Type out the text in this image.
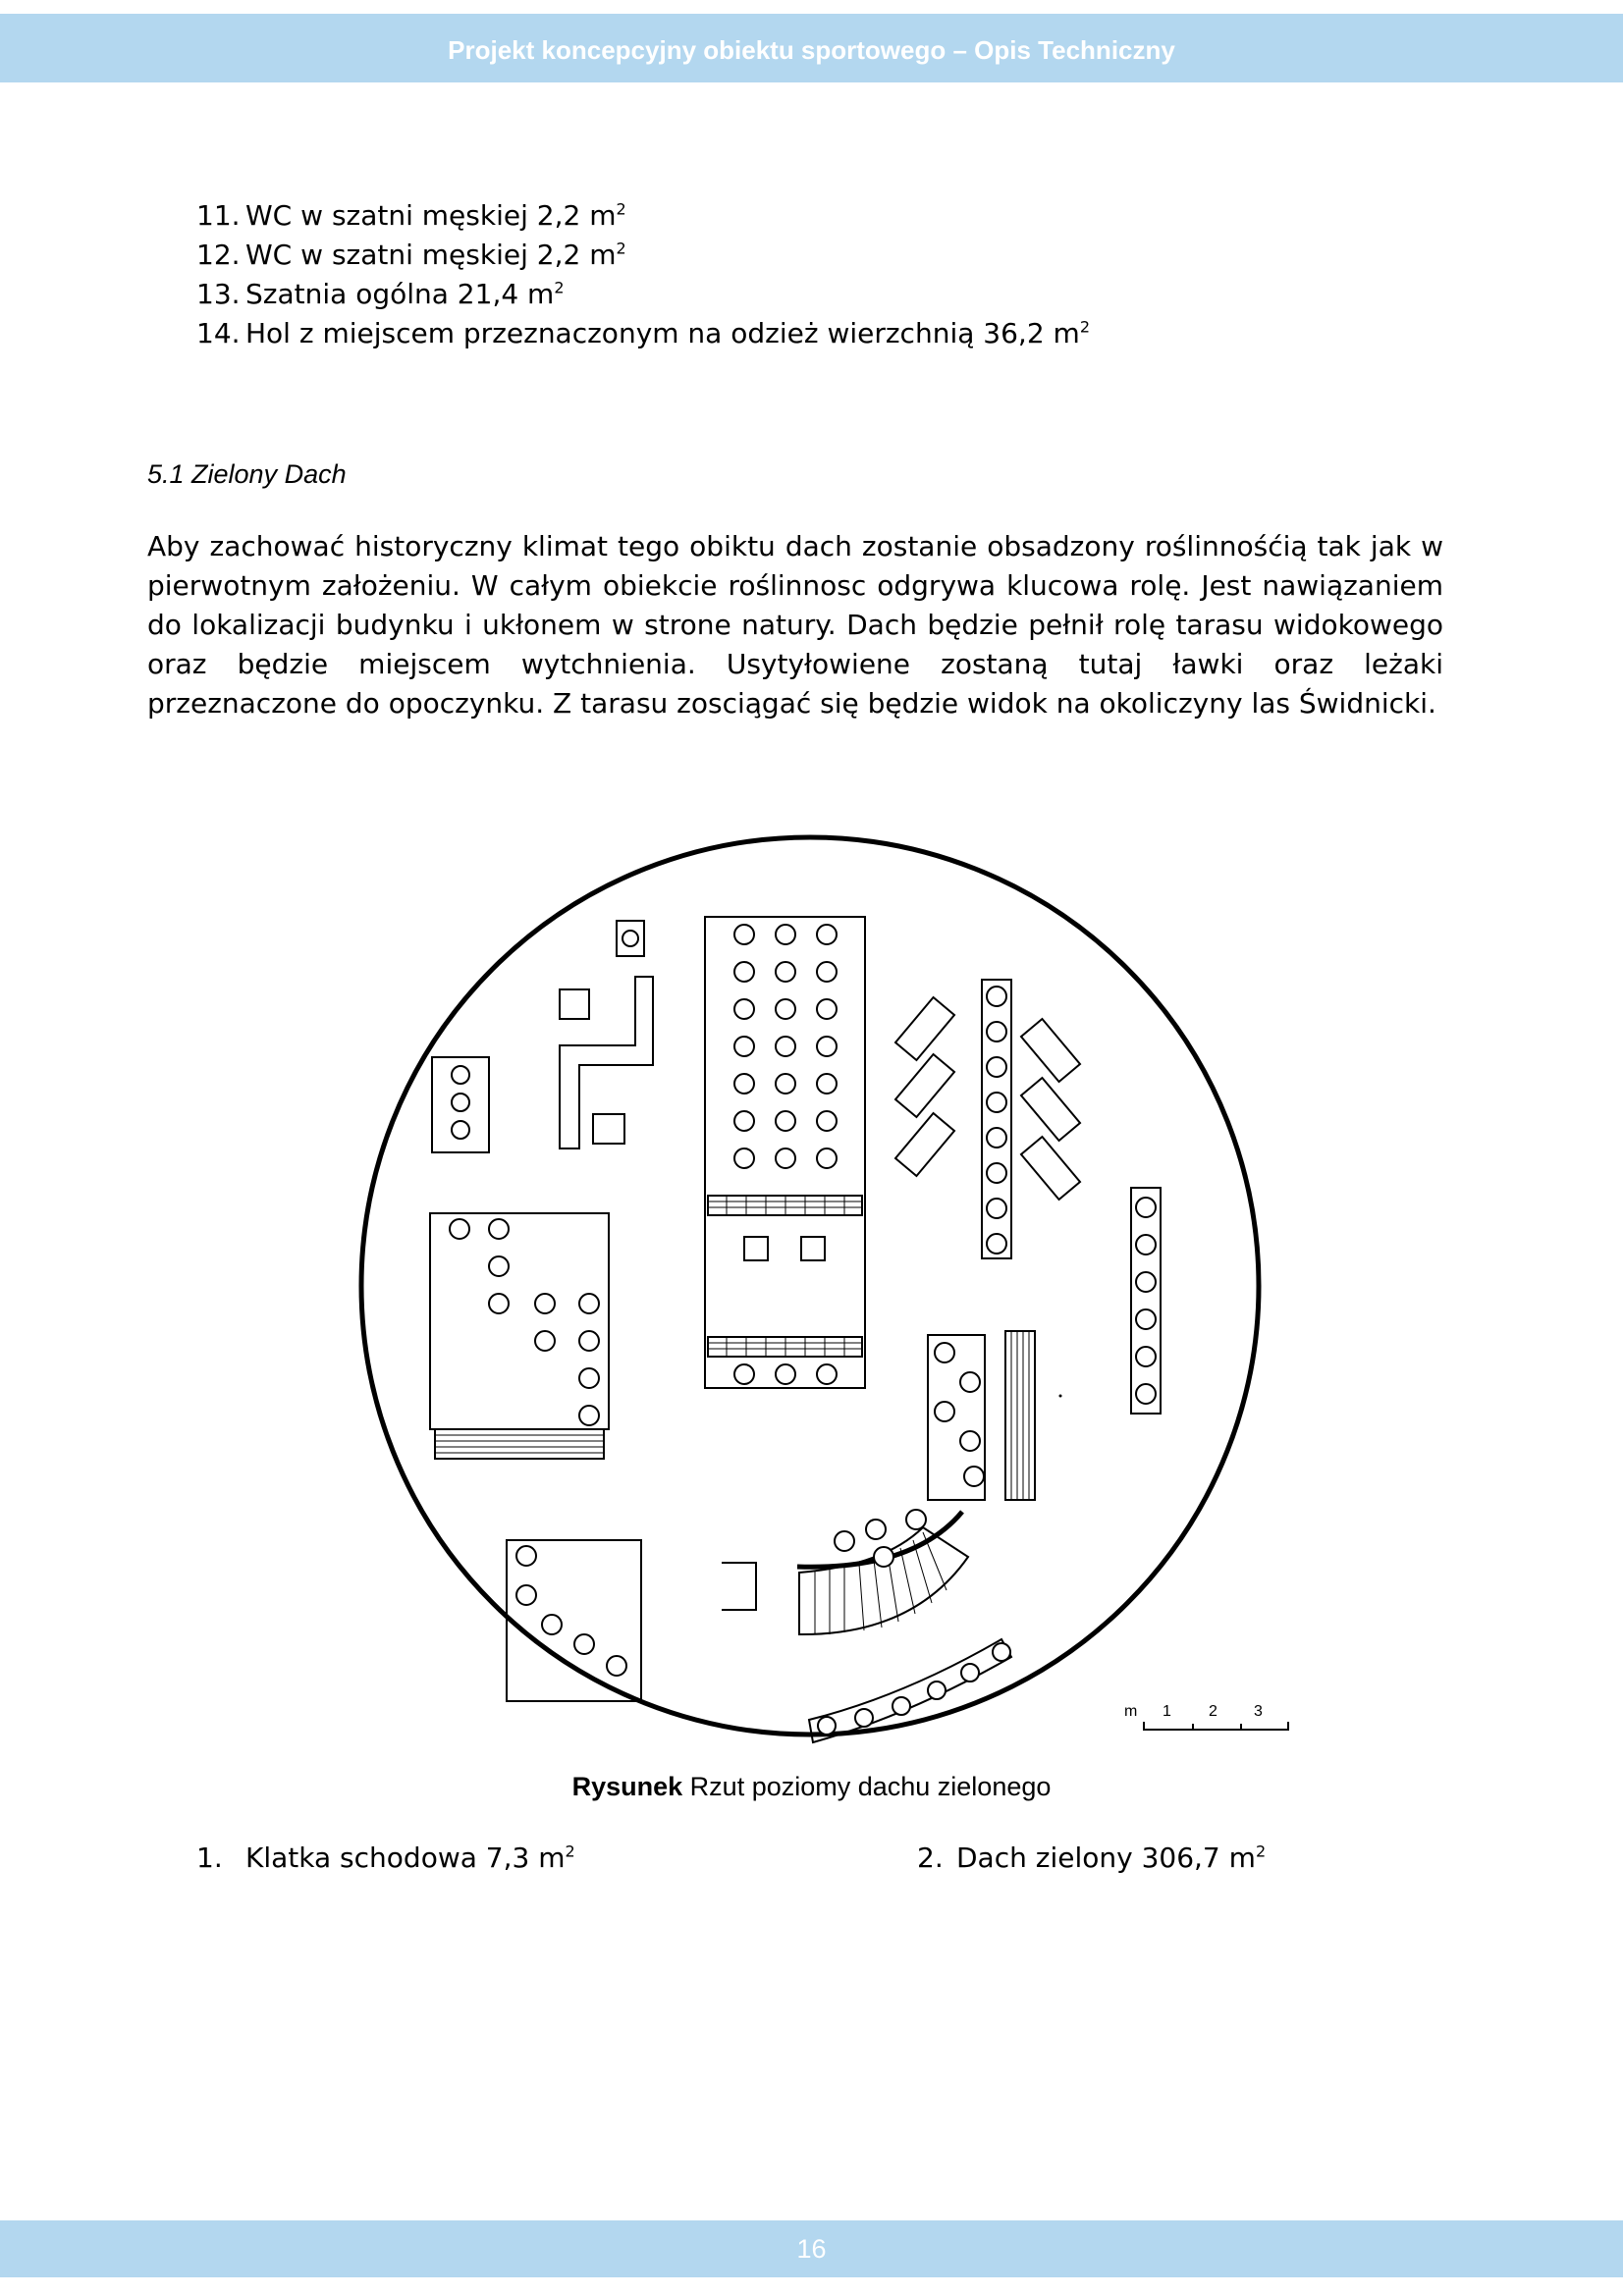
Projekt koncepcyjny obiektu sportowego – Opis Techniczny
11. WC w szatni męskiej 2,2 $m^2$
12. WC w szatni męskiej 2,2 $m^2$
13. Szatnia ogólna 21,4 $m^2$
14. Hol z miejscem przeznaczonym na odzież wierzchnią 36,2 $m^2$
5.1 Zielony Dach

Aby zachować historyczny klimat tego obiktu dach zostanie obsadzony roślinnośćią tak jak w pierwotnym założeniu. W całym obiekcie roślinnosc odgrywa klucowa rolę. Jest nawiązaniem do lokalizacji budynku i ukłonem w strone natury. Dach będzie pełnił rolę tarasu widokowego oraz będzie miejscem wytchnienia. Usytyłowiene zostaną tutaj ławki oraz leżaki przeznaczone do opoczynku. Z tarasu zoscia̧gać się będzie widok na okoliczyny las Świdnicki.

m 1 2 3
Rysunek Rzut poziomy dachu zielonego
1. Klatka schodowa 7,3 $m^2$	2. Dach zielony 306,7 $m^2$
16
